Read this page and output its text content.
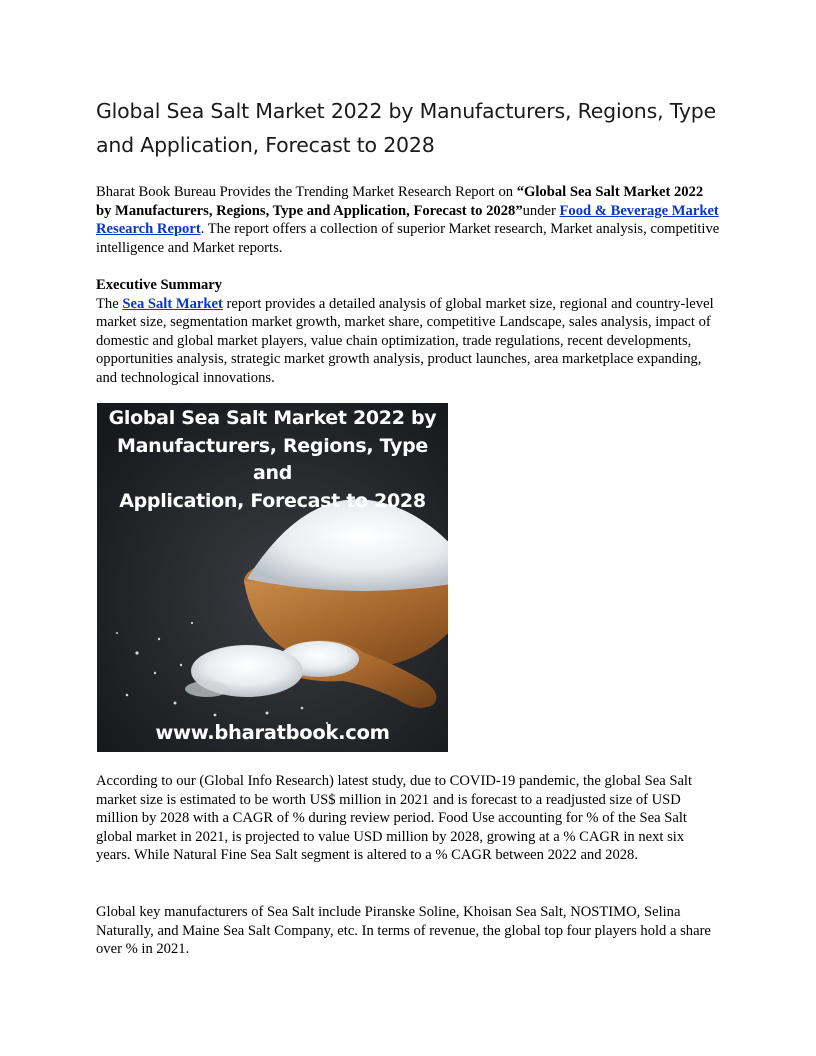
Global Sea Salt Market 2022 by Manufacturers, Regions, Type and Application, Forecast to 2028

Bharat Book Bureau Provides the Trending Market Research Report on “Global Sea Salt Market 2022 by Manufacturers, Regions, Type and Application, Forecast to 2028”under Food & Beverage Market Research Report. The report offers a collection of superior Market research, Market analysis, competitive intelligence and Market reports.

Executive Summary

The Sea Salt Market report provides a detailed analysis of global market size, regional and country-level market size, segmentation market growth, market share, competitive Landscape, sales analysis, impact of domestic and global market players, value chain optimization, trade regulations, recent developments, opportunities analysis, strategic market growth analysis, product launches, area marketplace expanding, and technological innovations.

Global Sea Salt Market 2022 by
Manufacturers, Regions, Type and
Application, Forecast to 2028
www.bharatbook.com

According to our (Global Info Research) latest study, due to COVID-19 pandemic, the global Sea Salt market size is estimated to be worth US$ million in 2021 and is forecast to a readjusted size of USD million by 2028 with a CAGR of % during review period. Food Use accounting for % of the Sea Salt global market in 2021, is projected to value USD million by 2028, growing at a % CAGR in next six years. While Natural Fine Sea Salt segment is altered to a % CAGR between 2022 and 2028.

Global key manufacturers of Sea Salt include Piranske Soline, Khoisan Sea Salt, NOSTIMO, Selina Naturally, and Maine Sea Salt Company, etc. In terms of revenue, the global top four players hold a share over % in 2021.
